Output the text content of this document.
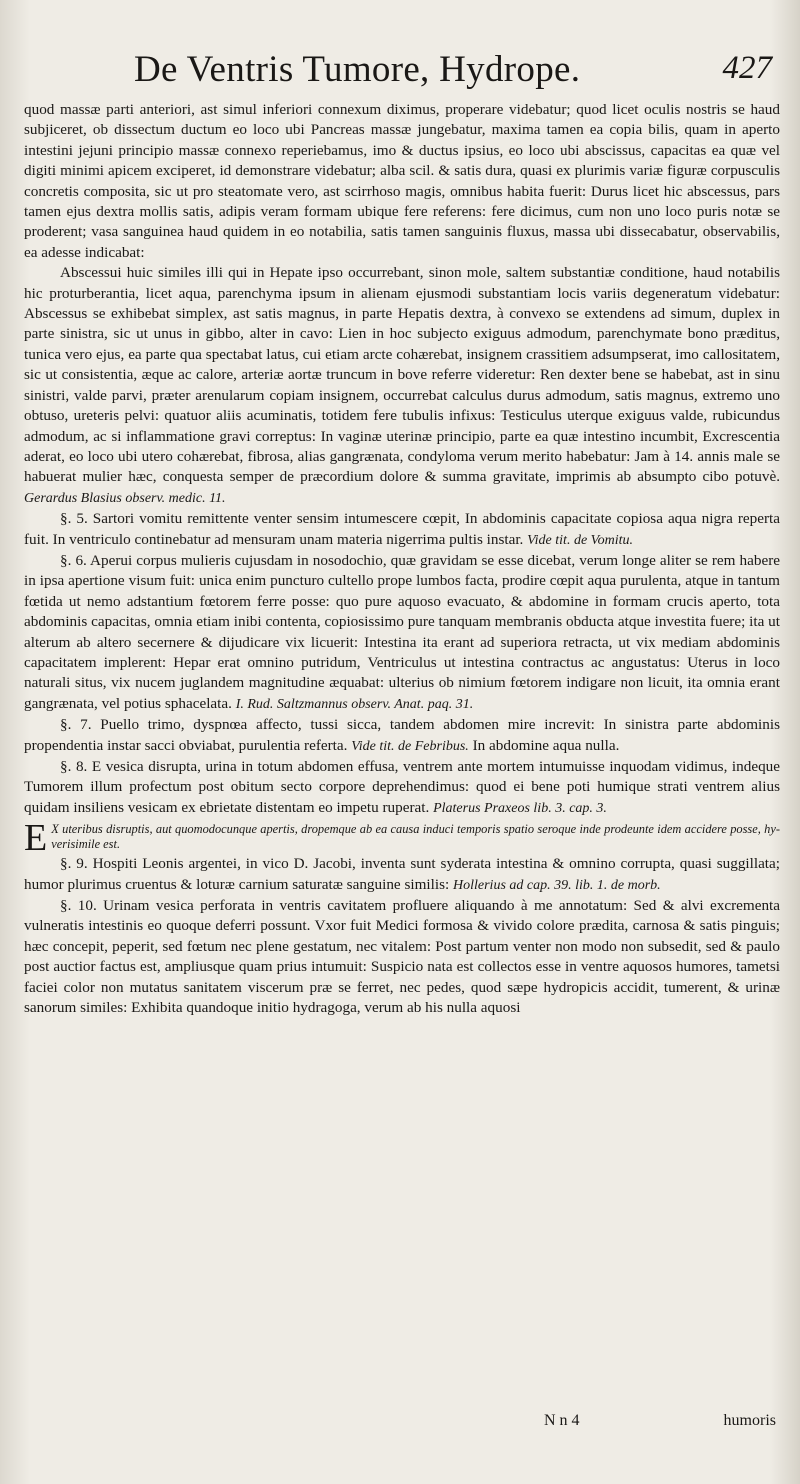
De Ventris Tumore, Hydrope.	427

quod massæ parti anteriori, ast simul inferiori connexum diximus, properare videbatur; quod licet oculis nostris se haud subjiceret, ob dissectum ductum eo loco ubi Pancreas massæ jungebatur, maxima tamen ea copia bilis, quam in aperto intestini jejuni principio massæ connexo reperiebamus, imo & ductus ipsius, eo loco ubi abscissus, capacitas ea quæ vel digiti minimi apicem exciperet, id demonstrare videbatur; alba scil. & satis dura, quasi ex plurimis variæ figuræ corpusculis concretis composita, sic ut pro steatomate vero, ast scirrhoso magis, omnibus habita fuerit: Durus licet hic abscessus, pars tamen ejus dextra mollis satis, adipis veram formam ubique fere referens: fere dicimus, cum non uno loco puris notæ se proderent; vasa sanguinea haud quidem in eo notabilia, satis tamen sanguinis fluxus, massa ubi dissecabatur, observabilis, ea adesse indicabat:

Abscessui huic similes illi qui in Hepate ipso occurrebant, sinon mole, saltem substantiæ conditione, haud notabilis hic proturberantia, licet aqua, parenchyma ipsum in alienam ejusmodi substantiam locis variis degeneratum videbatur: Abscessus se exhibebat simplex, ast satis magnus, in parte Hepatis dextra, à convexo se extendens ad simum, duplex in parte sinistra, sic ut unus in gibbo, alter in cavo: Lien in hoc subjecto exiguus admodum, parenchymate bono præditus, tunica vero ejus, ea parte qua spectabat latus, cui etiam arcte cohærebat, insignem crassitiem adsumpserat, imo callositatem, sic ut consistentia, æque ac calore, arteriæ aortæ truncum in bove referre videretur: Ren dexter bene se habebat, ast in sinu sinistri, valde parvi, præter arenularum copiam insignem, occurrebat calculus durus admodum, satis magnus, extremo uno obtuso, ureteris pelvi: quatuor aliis acuminatis, totidem fere tubulis infixus: Testiculus uterque exiguus valde, rubicundus admodum, ac si inflammatione gravi correptus: In vaginæ uterinæ principio, parte ea quæ intestino incumbit, Excrescentia aderat, eo loco ubi utero cohærebat, fibrosa, alias gangrænata, condyloma verum merito habebatur: Jam à 14. annis male se habuerat mulier hæc, conquesta semper de præcordium dolore & summa gravitate, imprimis ab absumpto cibo potuvè. Gerardus Blasius observ. medic. 11.

§. 5. Sartori vomitu remittente venter sensim intumescere cœpit, In abdominis capacitate copiosa aqua nigra reperta fuit. In ventriculo continebatur ad mensuram unam materia nigerrima pultis instar. Vide tit. de Vomitu.

§. 6. Aperui corpus mulieris cujusdam in nosodochio, quæ gravidam se esse dicebat, verum longe aliter se rem habere in ipsa apertione visum fuit: unica enim puncturo cultello prope lumbos facta, prodire cœpit aqua purulenta, atque in tantum fœtida ut nemo adstantium fœtorem ferre posse: quo pure aquoso evacuato, & abdomine in formam crucis aperto, tota abdominis capacitas, omnia etiam inibi contenta, copiosissimo pure tanquam membranis obducta atque investita fuere; ita ut alterum ab altero secernere & dijudicare vix licuerit: Intestina ita erant ad superiora retracta, ut vix mediam abdominis capacitatem implerent: Hepar erat omnino putridum, Ventriculus ut intestina contractus ac angustatus: Uterus in loco naturali situs, vix nucem juglandem magnitudine æquabat: ulterius ob nimium fœtorem indigare non licuit, ita omnia erant gangrænata, vel potius sphacelata. I. Rud. Saltzmannus observ. Anat. paq. 31.

§. 7. Puello trimo, dyspnœa affecto, tussi sicca, tandem abdomen mire increvit: In sinistra parte abdominis propendentia instar sacci obviabat, purulentia referta. Vide tit. de Febribus. In abdomine aqua nulla.

§. 8. E vesica disrupta, urina in totum abdomen effusa, ventrem ante mortem intumuisse inquodam vidimus, indeque Tumorem illum profectum post obitum secto corpore deprehendimus: quod ei bene poti humique strati ventrem alius quidam insiliens vesicam ex ebrietate distentam eo impetu ruperat. Platerus Praxeos lib. 3. cap. 3.

E X uteribus disruptis, aut quomodocunque apertis, dropemque ab ea causa induci temporis spatio seroque inde prodeunte idem accidere posse, hy- verisimile est.

§. 9. Hospiti Leonis argentei, in vico D. Jacobi, inventa sunt syderata intestina & omnino corrupta, quasi suggillata; humor plurimus cruentus & loturæ carnium saturatæ sanguine similis: Hollerius ad cap. 39. lib. 1. de morb.

§. 10. Urinam vesica perforata in ventris cavitatem profluere aliquando à me annotatum: Sed & alvi excrementa vulneratis intestinis eo quoque deferri possunt. Vxor fuit Medici formosa & vivido colore prædita, carnosa & satis pinguis; hæc concepit, peperit, sed fœtum nec plene gestatum, nec vitalem: Post partum venter non modo non subsedit, sed & paulo post auctior factus est, ampliusque quam prius intumuit: Suspicio nata est collectos esse in ventre aquosos humores, tametsi faciei color non mutatus sanitatem viscerum præ se ferret, nec pedes, quod sæpe hydropicis accidit, tumerent, & urinæ sanorum similes: Exhibita quandoque initio hydragoga, verum ab his nulla aquosi

N n 4	humoris
